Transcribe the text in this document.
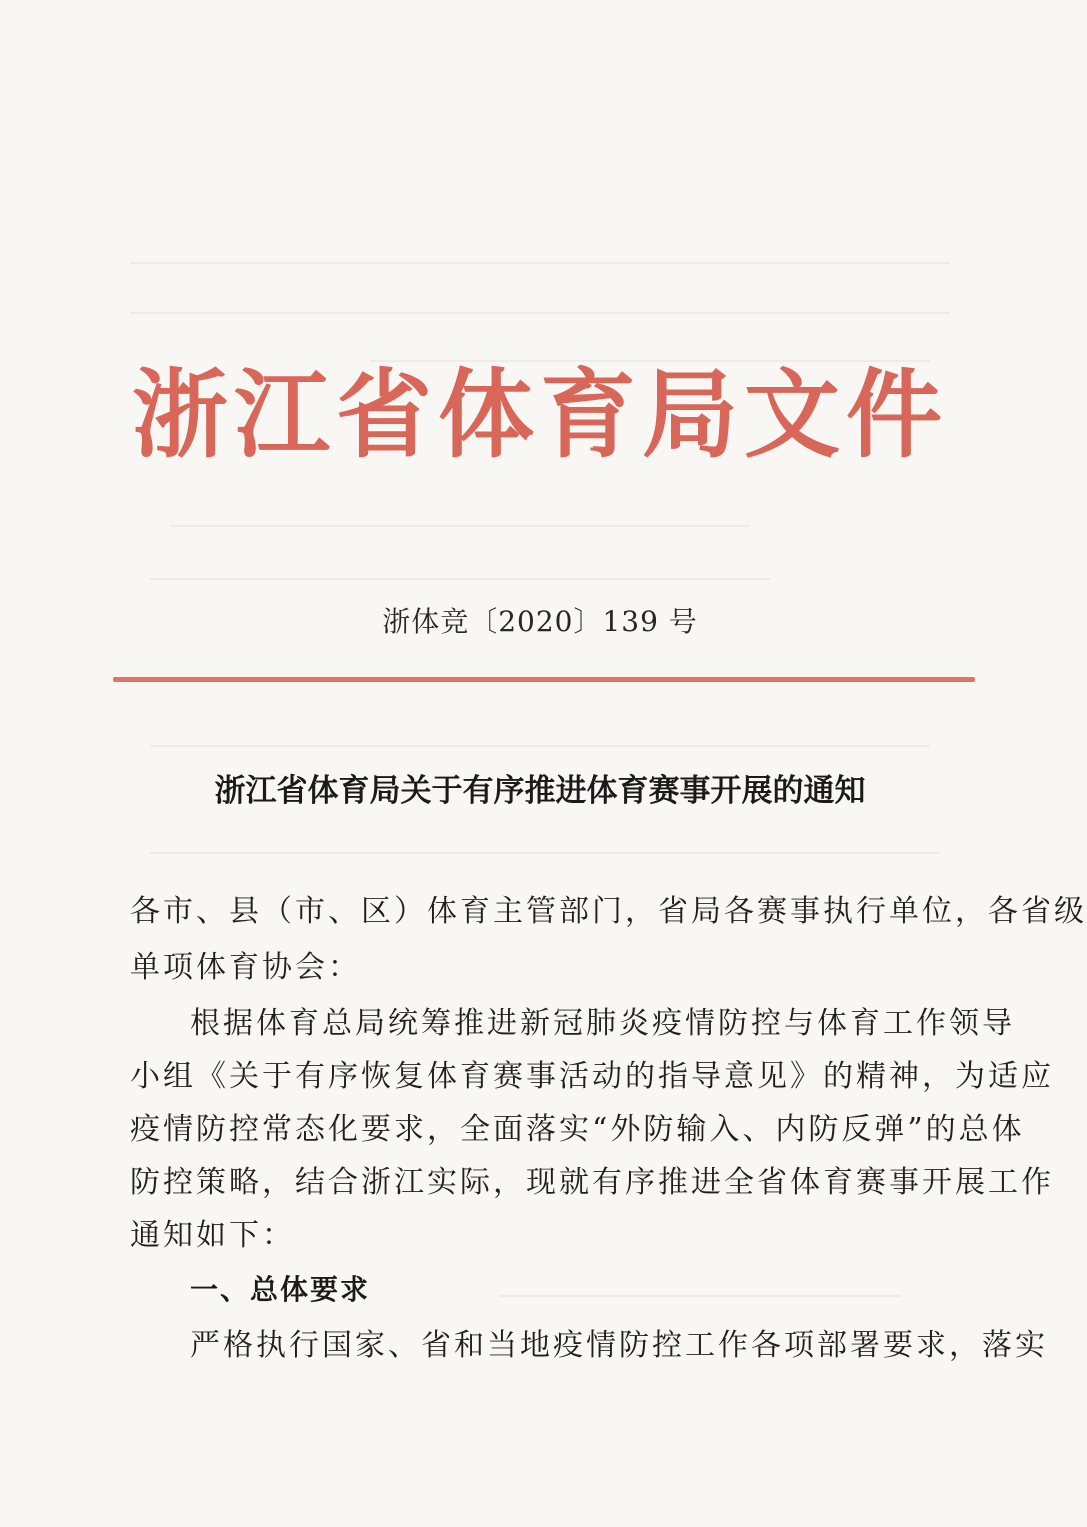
浙江省体育局文件
浙体竞〔2020〕139 号
浙江省体育局关于有序推进体育赛事开展的通知
各市、县（市、区）体育主管部门，省局各赛事执行单位，各省级
单项体育协会：
根据体育总局统筹推进新冠肺炎疫情防控与体育工作领导
小组《关于有序恢复体育赛事活动的指导意见》的精神，为适应
疫情防控常态化要求，全面落实“外防输入、内防反弹”的总体
防控策略，结合浙江实际，现就有序推进全省体育赛事开展工作
通知如下：
一、总体要求
严格执行国家、省和当地疫情防控工作各项部署要求，落实
